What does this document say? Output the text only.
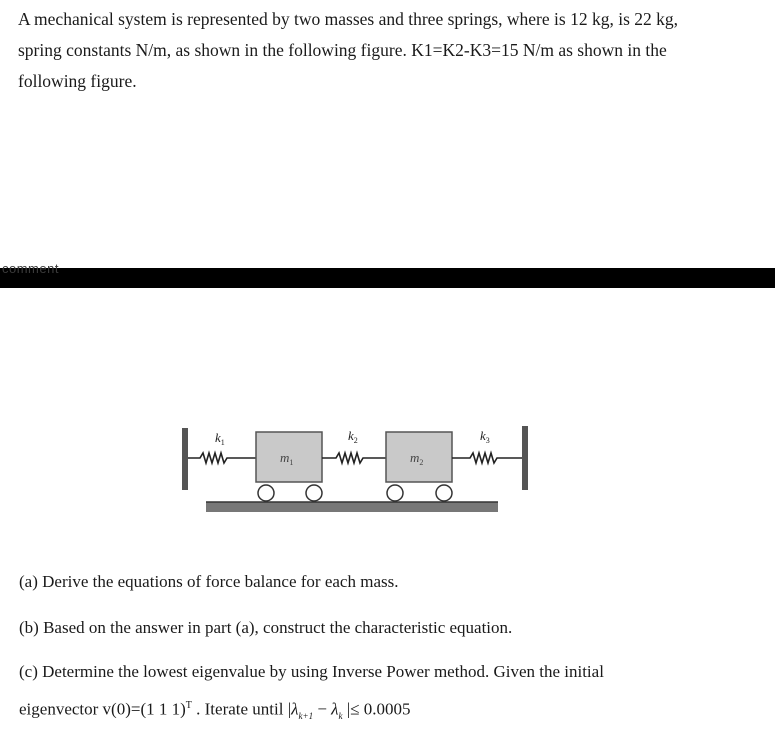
A mechanical system is represented by two masses and three springs, where is 12 kg, is 22 kg, spring constants N/m, as shown in the following figure. K1=K2-K3=15 N/m as shown in the following figure.

comment
$k_1$	$k_2$	$k_3$
$m_1$	$m_2$
(a) Derive the equations of force balance for each mass.
(b) Based on the answer in part (a), construct the characteristic equation.
(c) Determine the lowest eigenvalue by using Inverse Power method. Given the initial
eigenvector v(0)=(1 1 1)$^T$ . Iterate until $|\lambda_{k+1} - \lambda_k$ |≤ 0.0005
